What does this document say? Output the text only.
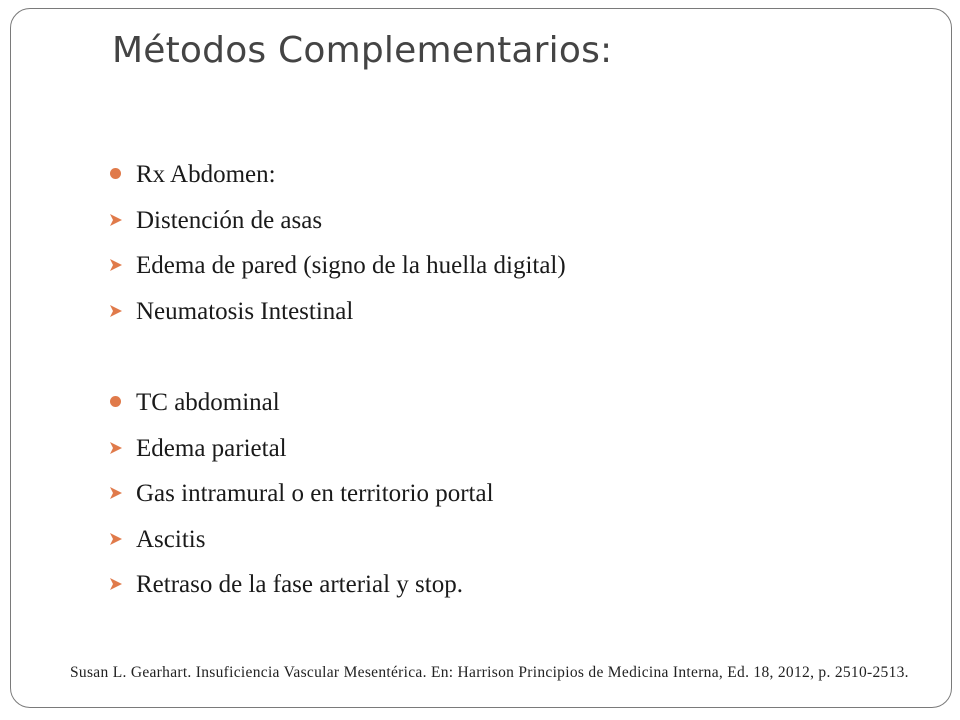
Métodos Complementarios:
Rx Abdomen:
Distención de asas
Edema de pared (signo de la huella digital)
Neumatosis Intestinal
TC abdominal
Edema parietal
Gas intramural o en territorio portal
Ascitis
Retraso de la fase arterial y stop.
Susan L. Gearhart. Insuficiencia Vascular Mesentérica. En: Harrison Principios de Medicina Interna, Ed. 18, 2012, p. 2510-2513.
